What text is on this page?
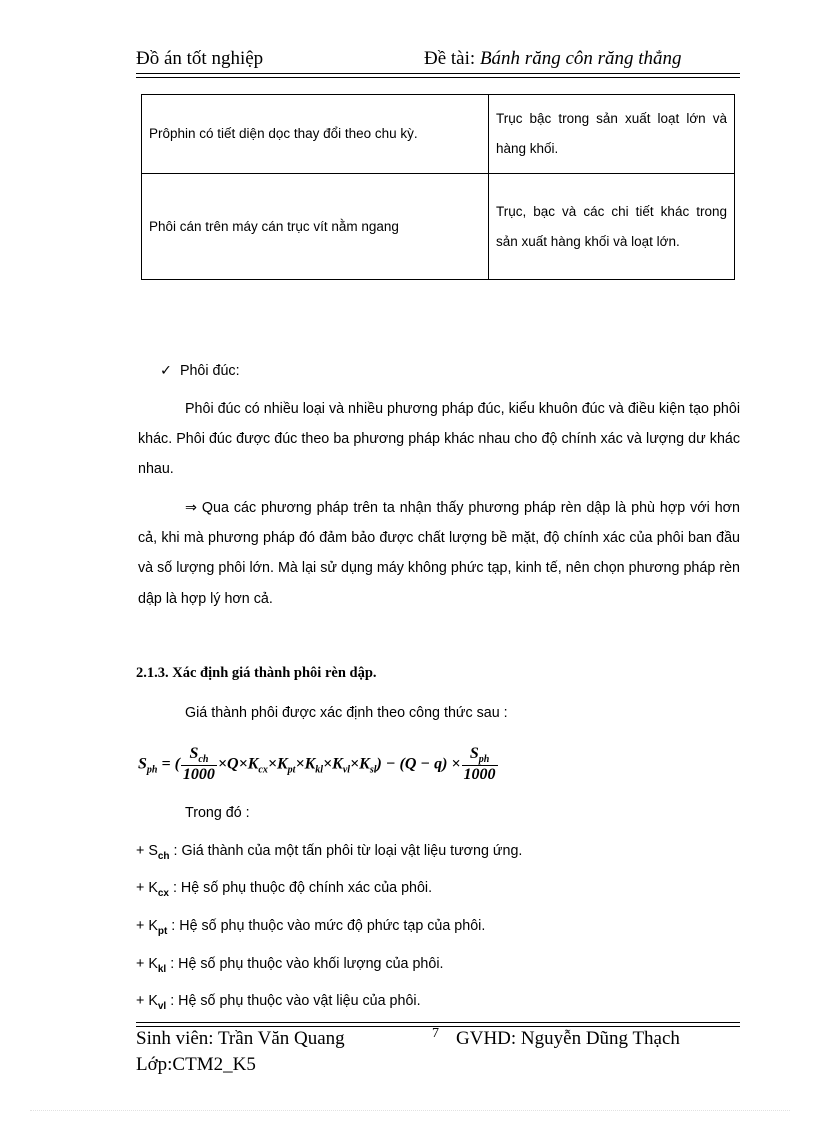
Đồ án tốt nghiệp	Đề tài: Bánh răng côn răng thẳng
Prôphin có tiết diện dọc thay đổi theo chu kỳ.	Trục bậc trong sản xuất loạt lớn và hàng khối.
Phôi cán trên máy cán trục vít nằm ngang	Trục, bạc và các chi tiết khác trong sản xuất hàng khối và loạt lớn.
✓ Phôi đúc:
Phôi đúc có nhiều loại và nhiều phương pháp đúc, kiểu khuôn đúc và điều kiện tạo phôi khác. Phôi đúc được đúc theo ba phương pháp khác nhau cho độ chính xác và lượng dư khác nhau.
⇒ Qua các phương pháp trên ta nhận thấy phương pháp rèn dập là phù hợp với hơn cả, khi mà phương pháp đó đảm bảo được chất lượng bề mặt, độ chính xác của phôi ban đầu và số lượng phôi lớn. Mà lại sử dụng máy không phức tạp, kinh tế, nên chọn phương pháp rèn dập là hợp lý hơn cả.
2.1.3. Xác định giá thành phôi rèn dập.
Giá thành phôi được xác định theo công thức sau :
$S_{ph}$ = ( $\frac{S_{ch}}{1000} \times Q\times K_{cx}\times K_{pt}\times K_{kl}\times K_{vl}\times K_{sl}) - (Q - q) \times \frac{S_{ph}}{1000}$
Trong đó :
+ $S_{ch}$ : Giá thành của một tấn phôi từ loại vật liệu tương ứng.
+ $K_{cx}$ : Hệ số phụ thuộc độ chính xác của phôi.
+ $K_{pt}$ : Hệ số phụ thuộc vào mức độ phức tạp của phôi.
+ $K_{kl}$ : Hệ số phụ thuộc vào khối lượng của phôi.
+ $K_{vl}$ : Hệ số phụ thuộc vào vật liệu của phôi.
Sinh viên: Trần Văn Quang	7 GVHD: Nguyễn Dũng Thạch
Lớp:CTM2_K5
